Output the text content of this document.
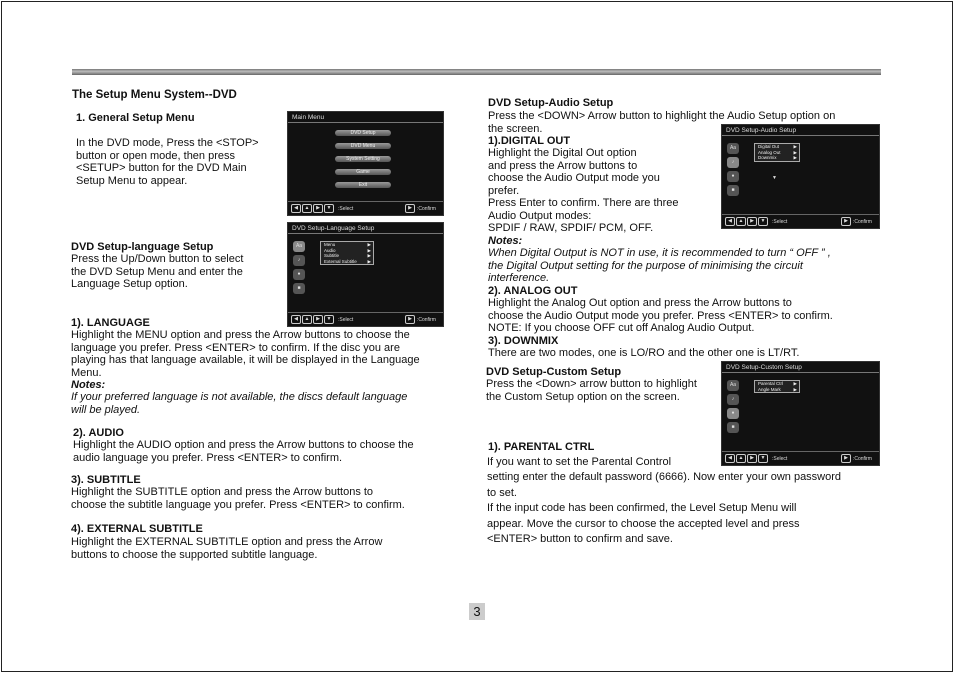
The Setup Menu System--DVD
1. General Setup Menu
In the DVD mode, Press the <STOP>
button or open mode, then press
<SETUP> button for the DVD Main
Setup Menu to appear.
Main Menu
DVD Setup
DVD Menu
System Setting
Game
Exit
◀	▲	▶	▼	:Select	▶	:Confirm
DVD Setup-language Setup
Press the Up/Down button to select
the DVD Setup Menu and enter the
Language Setup option.
DVD Setup-Language Setup
Aa
♪
●
■
Menu	▶
Audio	▶
Subtitle	▶
External Subtitle ▶
◀	▲	▶	▼	:Select	▶	:Confirm
1). LANGUAGE
Highlight the MENU option and press the Arrow buttons to choose the
language you prefer. Press <ENTER> to confirm. If the disc you are
playing has that language available, it will be displayed in the Language
Menu.
Notes:
If your preferred language is not available, the discs default language
will be played.
2). AUDIO
Highlight the AUDIO option and press the Arrow buttons to choose the
audio language you prefer. Press <ENTER> to confirm.
3). SUBTITLE
Highlight the SUBTITLE option and press the Arrow buttons to
choose the subtitle language you prefer. Press <ENTER> to confirm.
4). EXTERNAL SUBTITLE
Highlight the EXTERNAL SUBTITLE option and press the Arrow
buttons to choose the supported subtitle language.
DVD Setup-Audio Setup
Press the <DOWN> Arrow button to highlight the Audio Setup option on
the screen.	DVD Setup-Audio Setup
Aa
♪
●
■
Digital Out	▶
Analog Out	▶
Downmix	▶
▼
◀	▲	▶	▼	:Select	▶	:Confirm
1).DIGITAL OUT
Highlight the Digital Out option
and press the Arrow buttons to
choose the Audio Output mode you
prefer.
Press Enter to confirm. There are three
Audio Output modes:
SPDIF / RAW, SPDIF/ PCM, OFF.
Notes:
When Digital Output is NOT in use, it is recommended to turn “ OFF ” ,
the Digital Output setting for the purpose of minimising the circuit
interference.
2). ANALOG OUT
Highlight the Analog Out option and press the Arrow buttons to
choose the Audio Output mode you prefer. Press <ENTER> to confirm.
NOTE: If you choose OFF cut off Analog Audio Output.
3). DOWNMIX
There are two modes, one is LO/RO and the other one is LT/RT.
DVD Setup-Custom Setup
Press the <Down> arrow button to highlight
the Custom Setup option on the screen.
DVD Setup-Custom Setup
Aa
♪
●
■
Parental Ctrl ▶
Angle Mark	▶
◀	▲	▶	▼	:Select	▶	:Confirm
1). PARENTAL CTRL
If you want to set the Parental Control
setting enter the default password (6666). Now enter your own password
to set.
If the input code has been confirmed, the Level Setup Menu will
appear. Move the cursor to choose the accepted level and press
<ENTER> button to confirm and save.
3
